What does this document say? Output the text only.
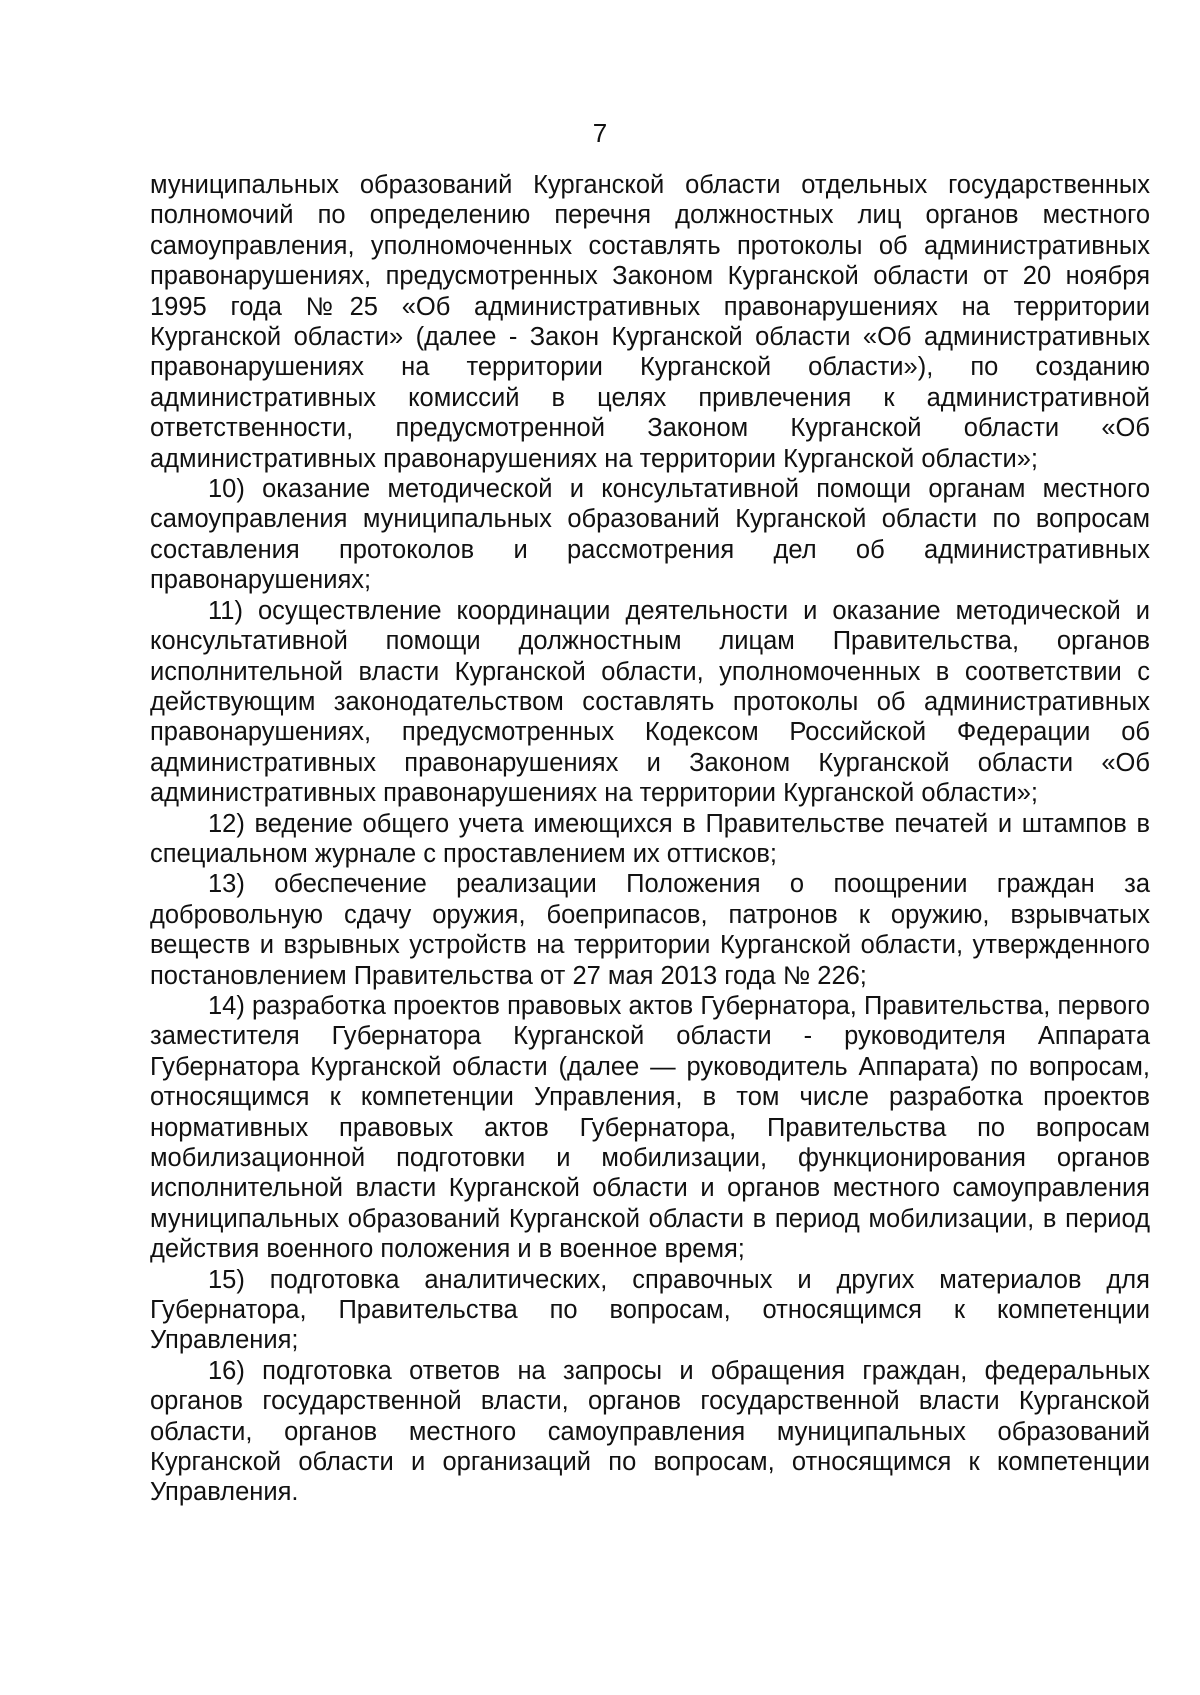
7

муниципальных образований Курганской области отдельных государственных полномочий по определению перечня должностных лиц органов местного самоуправления, уполномоченных составлять протоколы об административных правонарушениях, предусмотренных Законом Курганской области от 20 ноября 1995 года №25 «Об административных правонарушениях на территории Курганской области» (далее - Закон Курганской области «Об административных правонарушениях на территории Курганской области»), по созданию административных комиссий в целях привлечения к административной ответственности, предусмотренной Законом Курганской области «Об административных правонарушениях на территории Курганской области»;

10) оказание методической и консультативной помощи органам местного самоуправления муниципальных образований Курганской области по вопросам составления протоколов и рассмотрения дел об административных правонарушениях;

11) осуществление координации деятельности и оказание методической и консультативной помощи должностным лицам Правительства, органов исполнительной власти Курганской области, уполномоченных в соответствии с действующим законодательством составлять протоколы об административных правонарушениях, предусмотренных Кодексом Российской Федерации об административных правонарушениях и Законом Курганской области «Об административных правонарушениях на территории Курганской области»;

12) ведение общего учета имеющихся в Правительстве печатей и штампов в специальном журнале с проставлением их оттисков;

13) обеспечение реализации Положения о поощрении граждан за добровольную сдачу оружия, боеприпасов, патронов к оружию, взрывчатых веществ и взрывных устройств на территории Курганской области, утвержденного постановлением Правительства от 27 мая 2013 года № 226;

14) разработка проектов правовых актов Губернатора, Правительства, первого заместителя Губернатора Курганской области - руководителя Аппарата Губернатора Курганской области (далее — руководитель Аппарата) по вопросам, относящимся к компетенции Управления, в том числе разработка проектов нормативных правовых актов Губернатора, Правительства по вопросам мобилизационной подготовки и мобилизации, функционирования органов исполнительной власти Курганской области и органов местного самоуправления муниципальных образований Курганской области в период мобилизации, в период действия военного положения и в военное время;

15) подготовка аналитических, справочных и других материалов для Губернатора, Правительства по вопросам, относящимся к компетенции Управления;

16) подготовка ответов на запросы и обращения граждан, федеральных органов государственной власти, органов государственной власти Курганской области, органов местного самоуправления муниципальных образований Курганской области и организаций по вопросам, относящимся к компетенции Управления.
